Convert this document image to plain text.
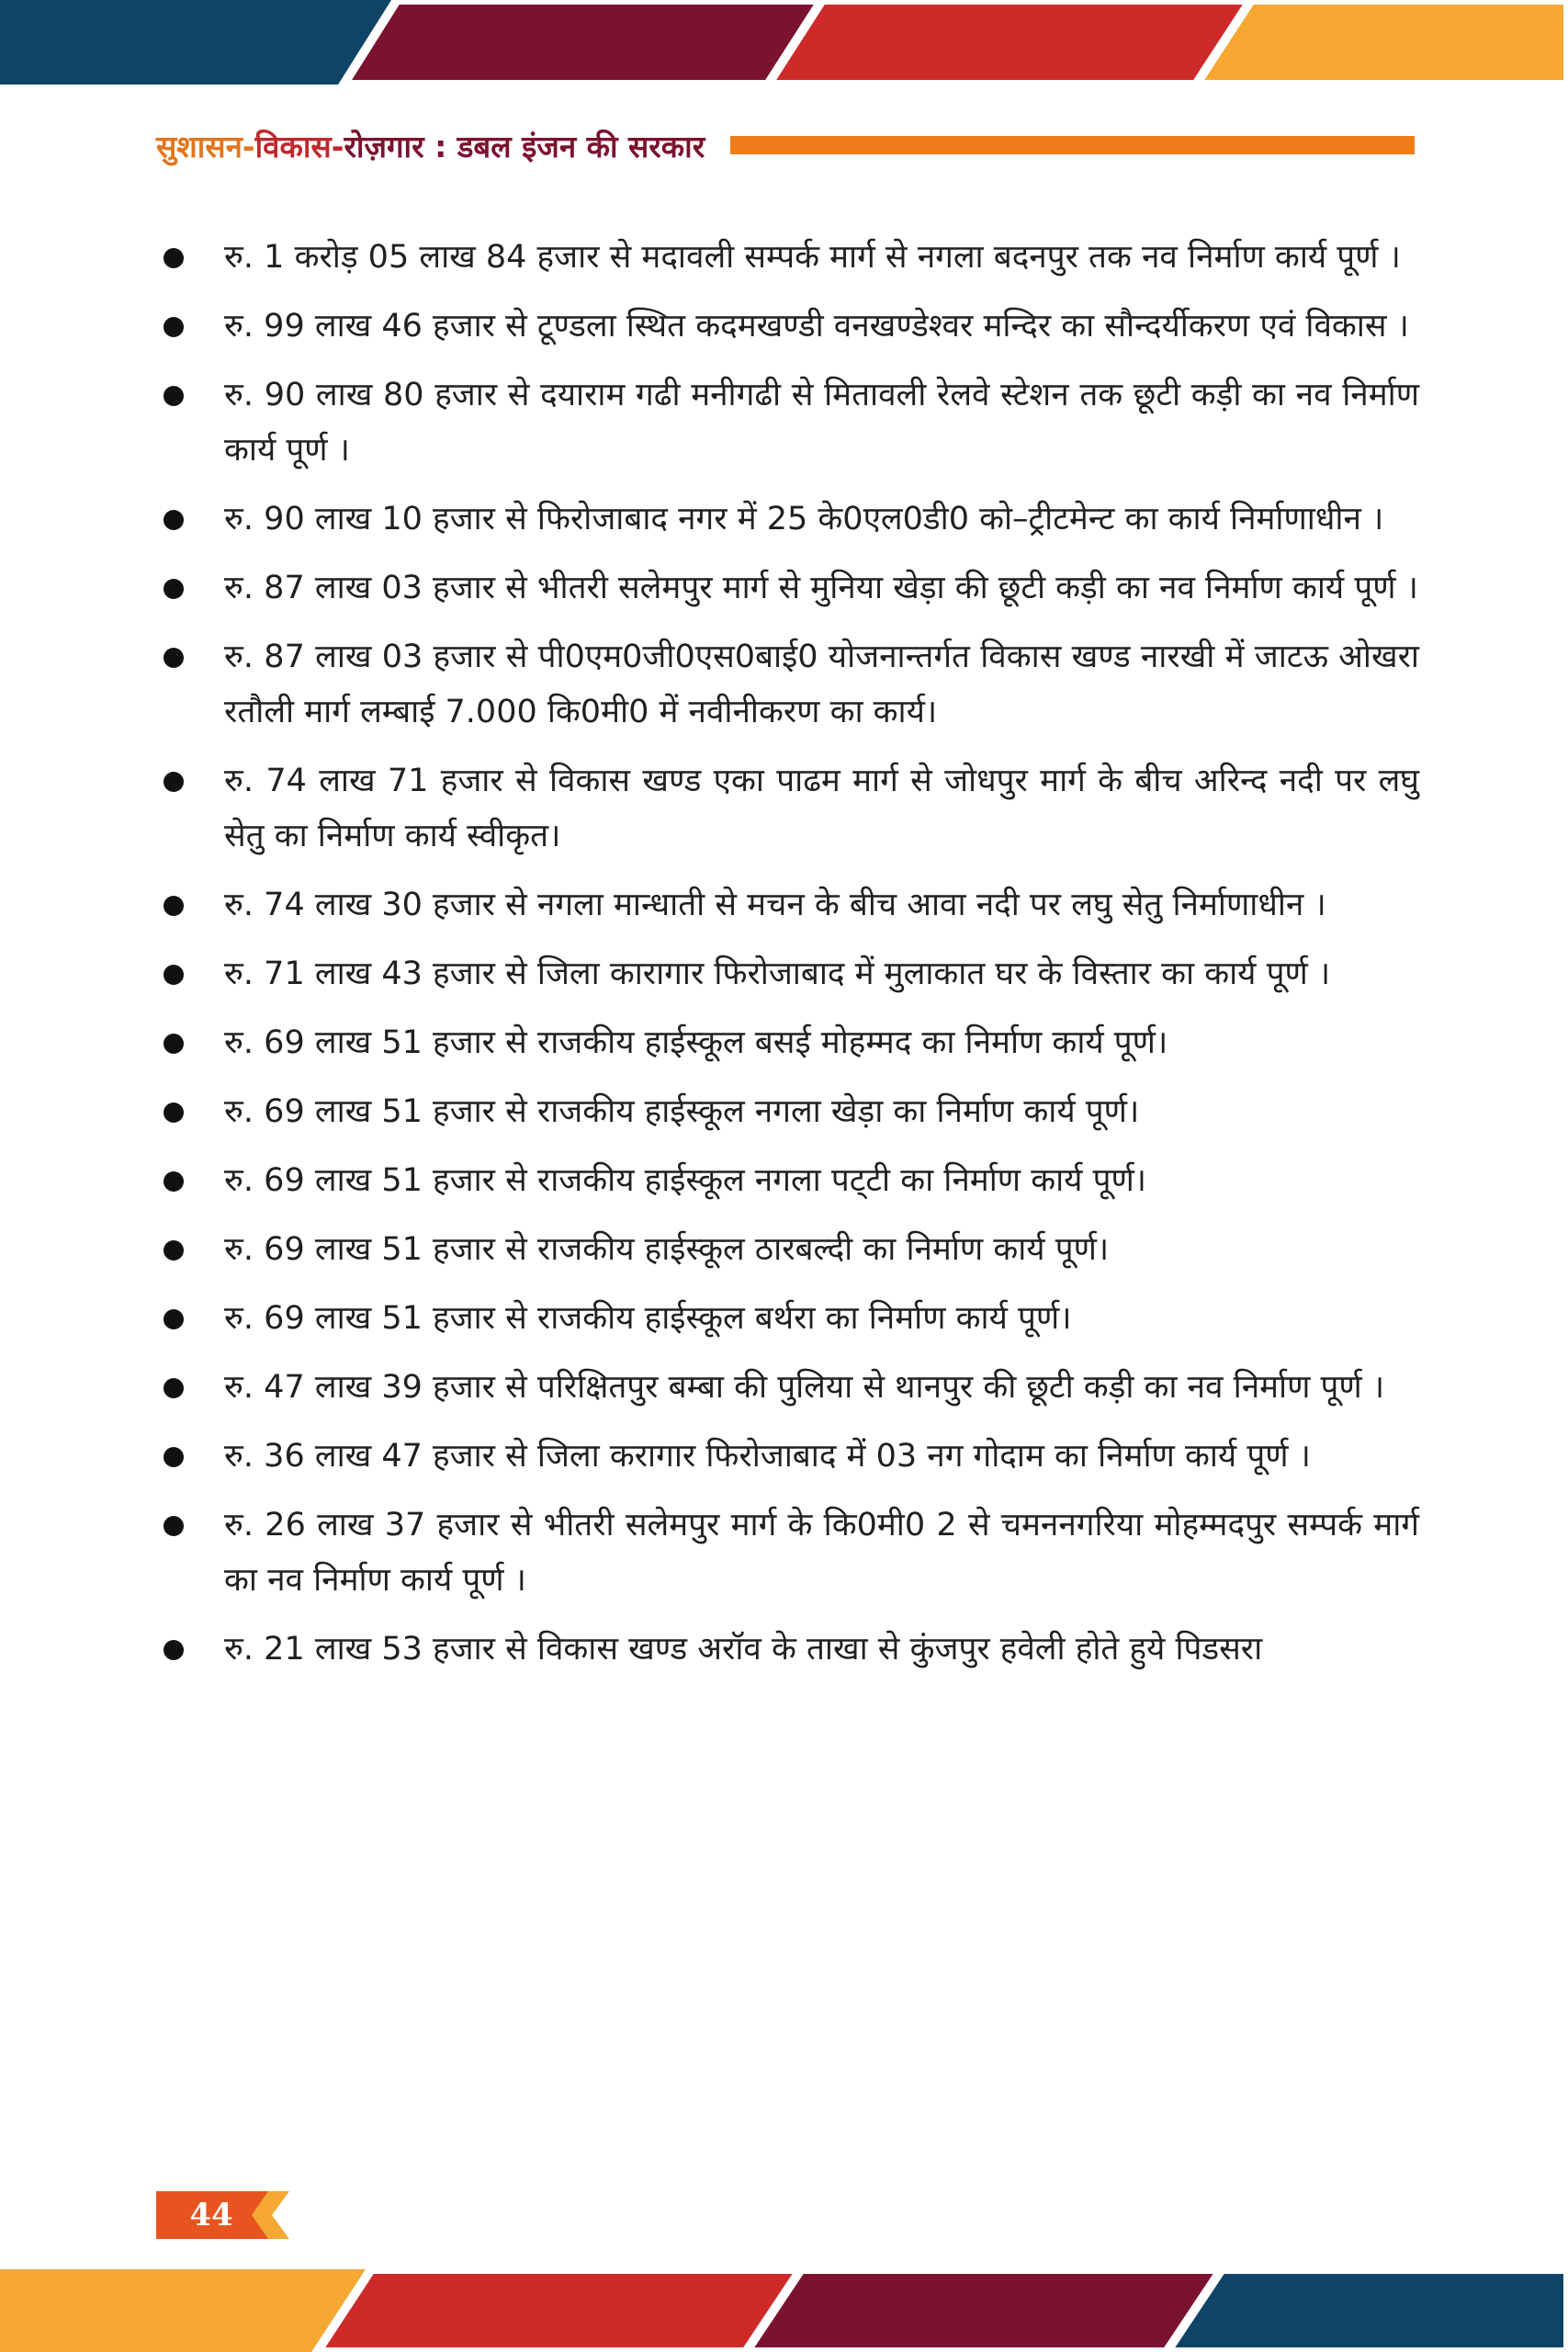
सुशासन-विकास-रोज़गार : डबल इंजन की सरकार
रु. 1 करोड़ 05 लाख 84 हजार से मदावली सम्पर्क मार्ग से नगला बदनपुर तक नव निर्माण कार्य पूर्ण ।
रु. 99 लाख 46 हजार से टूण्डला स्थित कदमखण्डी वनखण्डेश्वर मन्दिर का सौन्दर्यीकरण एवं विकास ।
रु. 90 लाख 80 हजार से दयाराम गढी मनीगढी से मितावली रेलवे स्टेशन तक छूटी कड़ी का नव निर्माण कार्य पूर्ण ।
रु. 90 लाख 10 हजार से फिरोजाबाद नगर में 25 के0एल0डी0 को–ट्रीटमेन्ट का कार्य निर्माणाधीन ।
रु. 87 लाख 03 हजार से भीतरी सलेमपुर मार्ग से मुनिया खेड़ा की छूटी कड़ी का नव निर्माण कार्य पूर्ण ।
रु. 87 लाख 03 हजार से पी0एम0जी0एस0बाई0 योजनान्तर्गत विकास खण्ड नारखी में जाटऊ ओखरा रतौली मार्ग लम्बाई 7.000 कि0मी0 में नवीनीकरण का कार्य।
रु. 74 लाख 71 हजार से विकास खण्ड एका पाढम मार्ग से जोधपुर मार्ग के बीच अरिन्द नदी पर लघु सेतु का निर्माण कार्य स्वीकृत।
रु. 74 लाख 30 हजार से नगला मान्धाती से मचन के बीच आवा नदी पर लघु सेतु निर्माणाधीन ।
रु. 71 लाख 43 हजार से जिला कारागार फिरोजाबाद में मुलाकात घर के विस्तार का कार्य पूर्ण ।
रु. 69 लाख 51 हजार से राजकीय हाईस्कूल बसई मोहम्मद का निर्माण कार्य पूर्ण।
रु. 69 लाख 51 हजार से राजकीय हाईस्कूल नगला खेड़ा का निर्माण कार्य पूर्ण।
रु. 69 लाख 51 हजार से राजकीय हाईस्कूल नगला पट्‌टी का निर्माण कार्य पूर्ण।
रु. 69 लाख 51 हजार से राजकीय हाईस्कूल ठारबल्दी का निर्माण कार्य पूर्ण।
रु. 69 लाख 51 हजार से राजकीय हाईस्कूल बर्थरा का निर्माण कार्य पूर्ण।
रु. 47 लाख 39 हजार से परिक्षितपुर बम्बा की पुलिया से थानपुर की छूटी कड़ी का नव निर्माण पूर्ण ।
रु. 36 लाख 47 हजार से जिला करागार फिरोजाबाद में 03 नग गोदाम का निर्माण कार्य पूर्ण ।
रु. 26 लाख 37 हजार से भीतरी सलेमपुर मार्ग के कि0मी0 2 से चमननगरिया मोहम्मदपुर सम्पर्क मार्ग का नव निर्माण कार्य पूर्ण ।
रु. 21 लाख 53 हजार से विकास खण्ड अरॉव के ताखा से कुंजपुर हवेली होते हुये पिडसरा
44
